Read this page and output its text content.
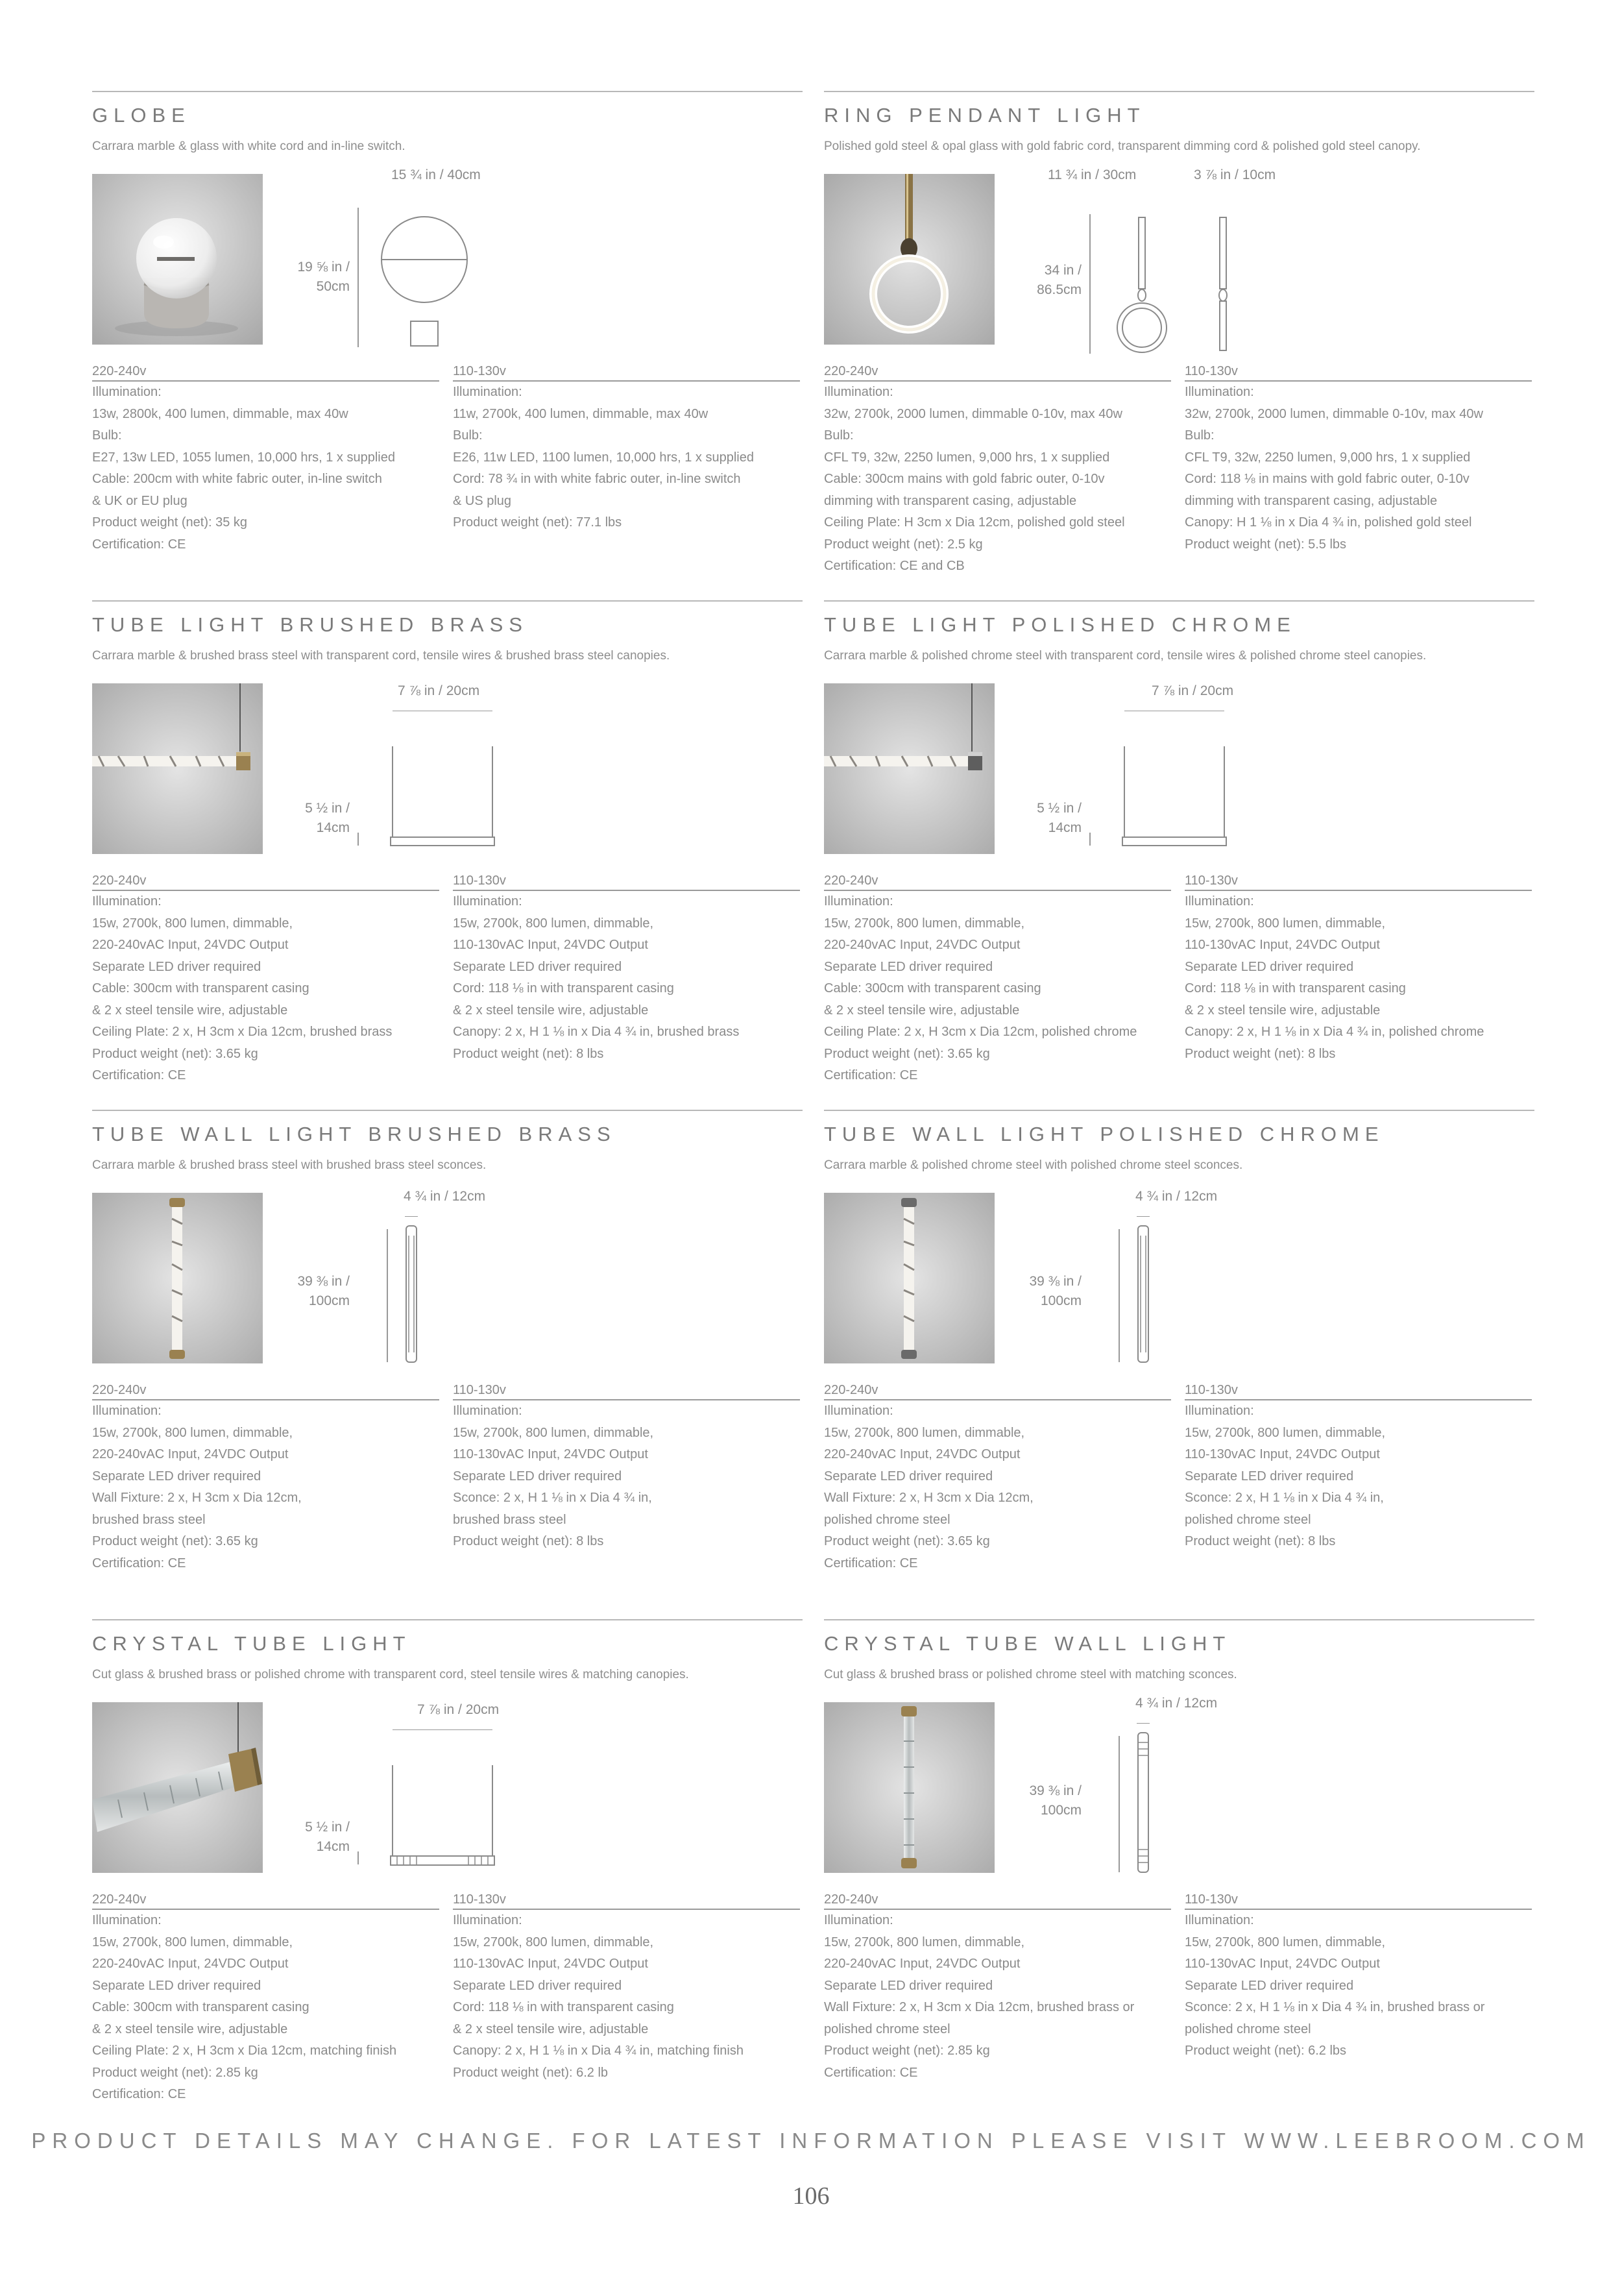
GLOBE
Carrara marble & glass with white cord and in-line switch.
15 ¾ in / 40cm
19 ⅝ in /
50cm
220-240v
Illumination:
13w, 2800k, 400 lumen, dimmable, max 40w
Bulb:
E27, 13w LED, 1055 lumen, 10,000 hrs, 1 x supplied
Cable: 200cm with white fabric outer, in-line switch
& UK or EU plug
Product weight (net): 35 kg
Certification: CE
110-130v
Illumination:
11w, 2700k, 400 lumen, dimmable, max 40w
Bulb:
E26, 11w LED, 1100 lumen, 10,000 hrs, 1 x supplied
Cord: 78 ¾ in with white fabric outer, in-line switch
& US plug
Product weight (net): 77.1 lbs
RING PENDANT LIGHT
Polished gold steel & opal glass with gold fabric cord, transparent dimming cord & polished gold steel canopy.
11 ¾ in / 30cm	3 ⅞ in / 10cm
34 in /
86.5cm
220-240v
Illumination:
32w, 2700k, 2000 lumen, dimmable 0-10v, max 40w
Bulb:
CFL T9, 32w, 2250 lumen, 9,000 hrs, 1 x supplied
Cable: 300cm mains with gold fabric outer, 0-10v
dimming with transparent casing, adjustable
Ceiling Plate: H 3cm x Dia 12cm, polished gold steel
Product weight (net): 2.5 kg
Certification: CE and CB
110-130v
Illumination:
32w, 2700k, 2000 lumen, dimmable 0-10v, max 40w
Bulb:
CFL T9, 32w, 2250 lumen, 9,000 hrs, 1 x supplied
Cord: 118 ⅛ in mains with gold fabric outer, 0-10v
dimming with transparent casing, adjustable
Canopy: H 1 ⅛ in x Dia 4 ¾ in, polished gold steel
Product weight (net): 5.5 lbs
TUBE LIGHT BRUSHED BRASS
Carrara marble & brushed brass steel with transparent cord, tensile wires & brushed brass steel canopies.
7 ⅞ in / 20cm
5 ½ in /
14cm
220-240v
Illumination:
15w, 2700k, 800 lumen, dimmable,
220-240vAC Input, 24VDC Output
Separate LED driver required
Cable: 300cm with transparent casing
& 2 x steel tensile wire, adjustable
Ceiling Plate: 2 x, H 3cm x Dia 12cm, brushed brass
Product weight (net): 3.65 kg
Certification: CE
110-130v
Illumination:
15w, 2700k, 800 lumen, dimmable,
110-130vAC Input, 24VDC Output
Separate LED driver required
Cord: 118 ⅛ in with transparent casing
& 2 x steel tensile wire, adjustable
Canopy: 2 x, H 1 ⅛ in x Dia 4 ¾ in, brushed brass
Product weight (net): 8 lbs
TUBE LIGHT POLISHED CHROME
Carrara marble & polished chrome steel with transparent cord, tensile wires & polished chrome steel canopies.
7 ⅞ in / 20cm
5 ½ in /
14cm
220-240v
Illumination:
15w, 2700k, 800 lumen, dimmable,
220-240vAC Input, 24VDC Output
Separate LED driver required
Cable: 300cm with transparent casing
& 2 x steel tensile wire, adjustable
Ceiling Plate: 2 x, H 3cm x Dia 12cm, polished chrome
Product weight (net): 3.65 kg
Certification: CE
110-130v
Illumination:
15w, 2700k, 800 lumen, dimmable,
110-130vAC Input, 24VDC Output
Separate LED driver required
Cord: 118 ⅛ in with transparent casing
& 2 x steel tensile wire, adjustable
Canopy: 2 x, H 1 ⅛ in x Dia 4 ¾ in, polished chrome
Product weight (net): 8 lbs
TUBE WALL LIGHT BRUSHED BRASS
Carrara marble & brushed brass steel with brushed brass steel sconces.
4 ¾ in / 12cm
39 ⅜ in /
100cm
220-240v
Illumination:
15w, 2700k, 800 lumen, dimmable,
220-240vAC Input, 24VDC Output
Separate LED driver required
Wall Fixture: 2 x, H 3cm x Dia 12cm,
brushed brass steel
Product weight (net): 3.65 kg
Certification: CE
110-130v
Illumination:
15w, 2700k, 800 lumen, dimmable,
110-130vAC Input, 24VDC Output
Separate LED driver required
Sconce: 2 x, H 1 ⅛ in x Dia 4 ¾ in,
brushed brass steel
Product weight (net): 8 lbs
TUBE WALL LIGHT POLISHED CHROME
Carrara marble & polished chrome steel with polished chrome steel sconces.
4 ¾ in / 12cm
39 ⅜ in /
100cm
220-240v
Illumination:
15w, 2700k, 800 lumen, dimmable,
220-240vAC Input, 24VDC Output
Separate LED driver required
Wall Fixture: 2 x, H 3cm x Dia 12cm,
polished chrome steel
Product weight (net): 3.65 kg
Certification: CE
110-130v
Illumination:
15w, 2700k, 800 lumen, dimmable,
110-130vAC Input, 24VDC Output
Separate LED driver required
Sconce: 2 x, H 1 ⅛ in x Dia 4 ¾ in,
polished chrome steel
Product weight (net): 8 lbs
CRYSTAL TUBE LIGHT
Cut glass & brushed brass or polished chrome with transparent cord, steel tensile wires & matching canopies.
7 ⅞ in / 20cm
5 ½ in /
14cm
220-240v
Illumination:
15w, 2700k, 800 lumen, dimmable,
220-240vAC Input, 24VDC Output
Separate LED driver required
Cable: 300cm with transparent casing
& 2 x steel tensile wire, adjustable
Ceiling Plate: 2 x, H 3cm x Dia 12cm, matching finish
Product weight (net): 2.85 kg
Certification: CE
110-130v
Illumination:
15w, 2700k, 800 lumen, dimmable,
110-130vAC Input, 24VDC Output
Separate LED driver required
Cord: 118 ⅛ in with transparent casing
& 2 x steel tensile wire, adjustable
Canopy: 2 x, H 1 ⅛ in x Dia 4 ¾ in, matching finish
Product weight (net): 6.2 lb
CRYSTAL TUBE WALL LIGHT
Cut glass & brushed brass or polished chrome steel with matching sconces.
4 ¾ in / 12cm
39 ⅜ in /
100cm
220-240v
Illumination:
15w, 2700k, 800 lumen, dimmable,
220-240vAC Input, 24VDC Output
Separate LED driver required
Wall Fixture: 2 x, H 3cm x Dia 12cm, brushed brass or
polished chrome steel
Product weight (net): 2.85 kg
Certification: CE
110-130v
Illumination:
15w, 2700k, 800 lumen, dimmable,
110-130vAC Input, 24VDC Output
Separate LED driver required
Sconce: 2 x, H 1 ⅛ in x Dia 4 ¾ in, brushed brass or
polished chrome steel
Product weight (net): 6.2 lbs
PRODUCT DETAILS MAY CHANGE. FOR LATEST INFORMATION PLEASE VISIT WWW.LEEBROOM.COM
106
